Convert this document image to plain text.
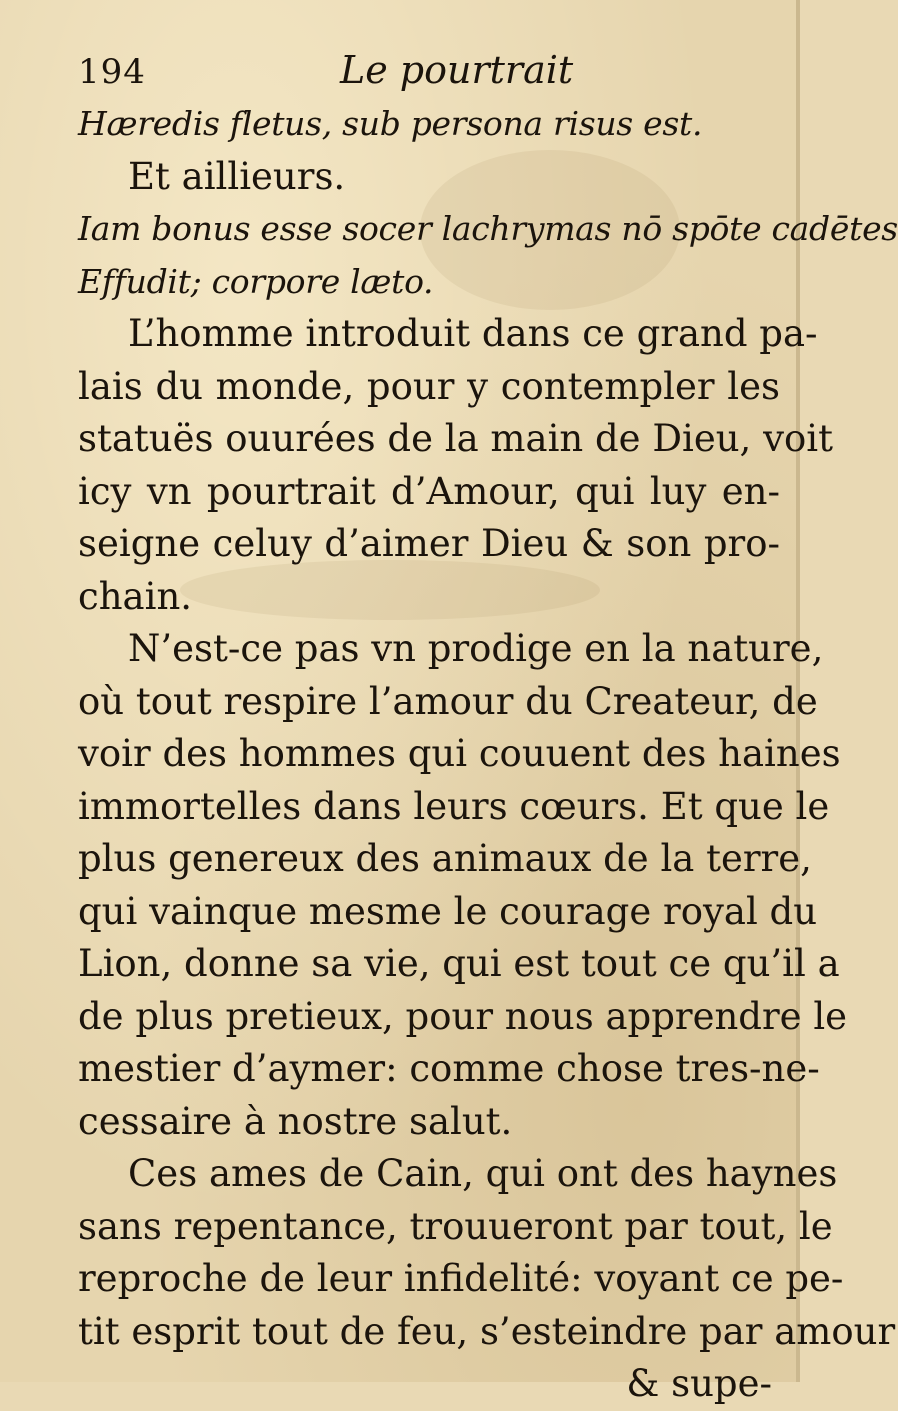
194	Le pourtrait
Hæredis fletus, sub persona risus est.
Et aillieurs.
Iam bonus esse socer lachrymas nō spōte cadētes
Effudit; corpore læto.
L’homme introduit dans ce grand pa-
lais du monde, pour y contempler les
statuës ouurées de la main de Dieu, voit
icy vn pourtrait d’Amour, qui luy en-
seigne celuy d’aimer Dieu & son pro-
chain.
N’est-ce pas vn prodige en la nature,
où tout respire l’amour du Createur, de
voir des hommes qui couuent des haines
immortelles dans leurs cœurs. Et que le
plus genereux des animaux de la terre,
qui vainque mesme le courage royal du
Lion, donne sa vie, qui est tout ce qu’il a
de plus pretieux, pour nous apprendre le
mestier d’aymer: comme chose tres-ne-
cessaire à nostre salut.
Ces ames de Cain, qui ont des haynes
sans repentance, trouueront par tout, le
reproche de leur infidelité: voyant ce pe-
tit esprit tout de feu, s’esteindre par amour
& supe-
